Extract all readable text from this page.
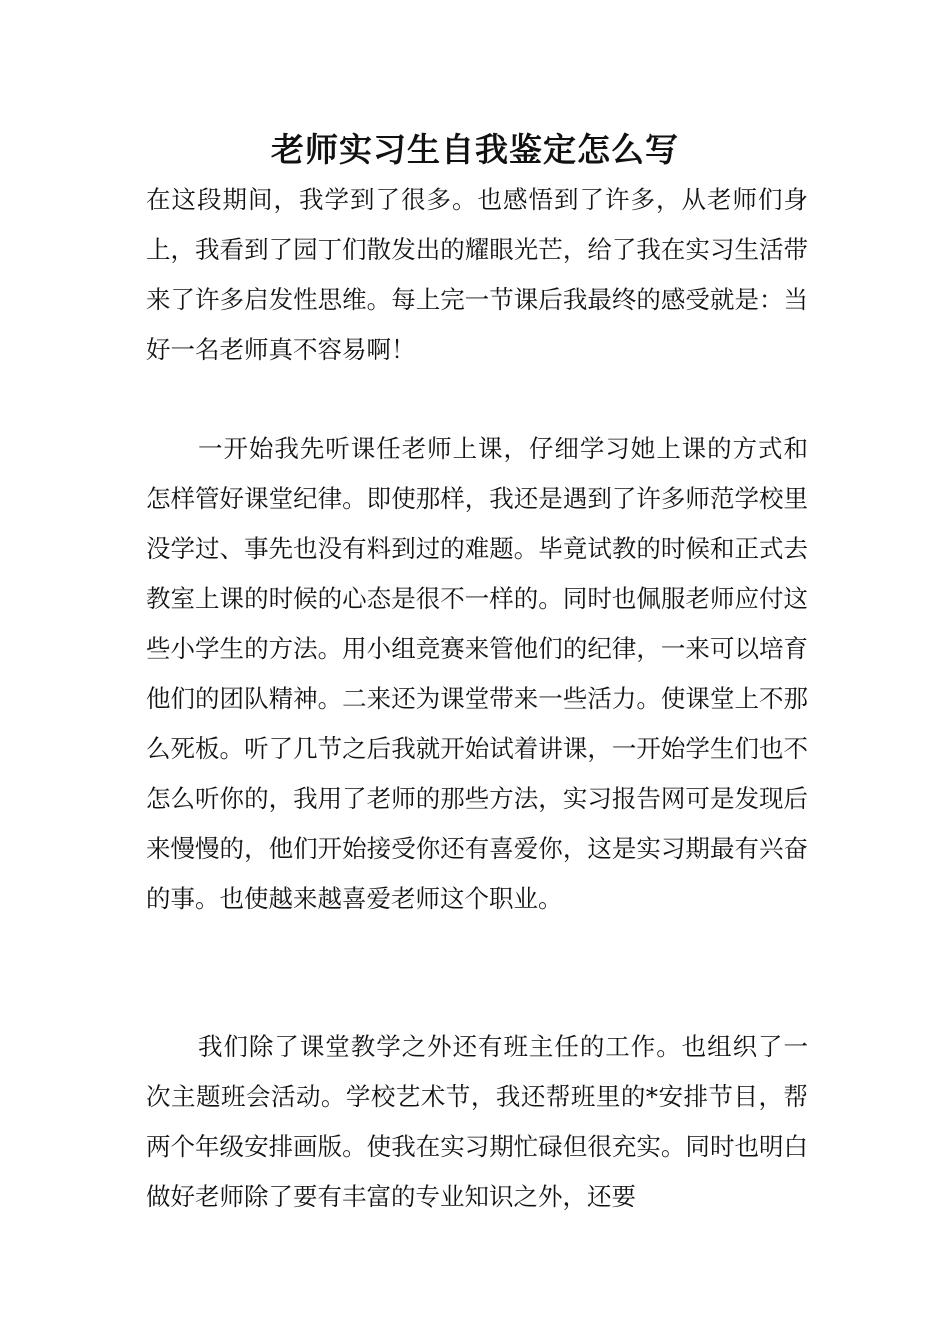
老师实习生自我鉴定怎么写

在这段期间，我学到了很多。也感悟到了许多，从老师们身上，我看到了园丁们散发出的耀眼光芒，给了我在实习生活带来了许多启发性思维。每上完一节课后我最终的感受就是：当好一名老师真不容易啊！

一开始我先听课任老师上课，仔细学习她上课的方式和怎样管好课堂纪律。即使那样，我还是遇到了许多师范学校里没学过、事先也没有料到过的难题。毕竟试教的时候和正式去教室上课的时候的心态是很不一样的。同时也佩服老师应付这些小学生的方法。用小组竞赛来管他们的纪律，一来可以培育他们的团队精神。二来还为课堂带来一些活力。使课堂上不那么死板。听了几节之后我就开始试着讲课，一开始学生们也不怎么听你的，我用了老师的那些方法，实习报告网可是发现后来慢慢的，他们开始接受你还有喜爱你，这是实习期最有兴奋的事。也使越来越喜爱老师这个职业。

我们除了课堂教学之外还有班主任的工作。也组织了一次主题班会活动。学校艺术节，我还帮班里的*安排节目，帮两个年级安排画版。使我在实习期忙碌但很充实。同时也明白做好老师除了要有丰富的专业知识之外，还要
